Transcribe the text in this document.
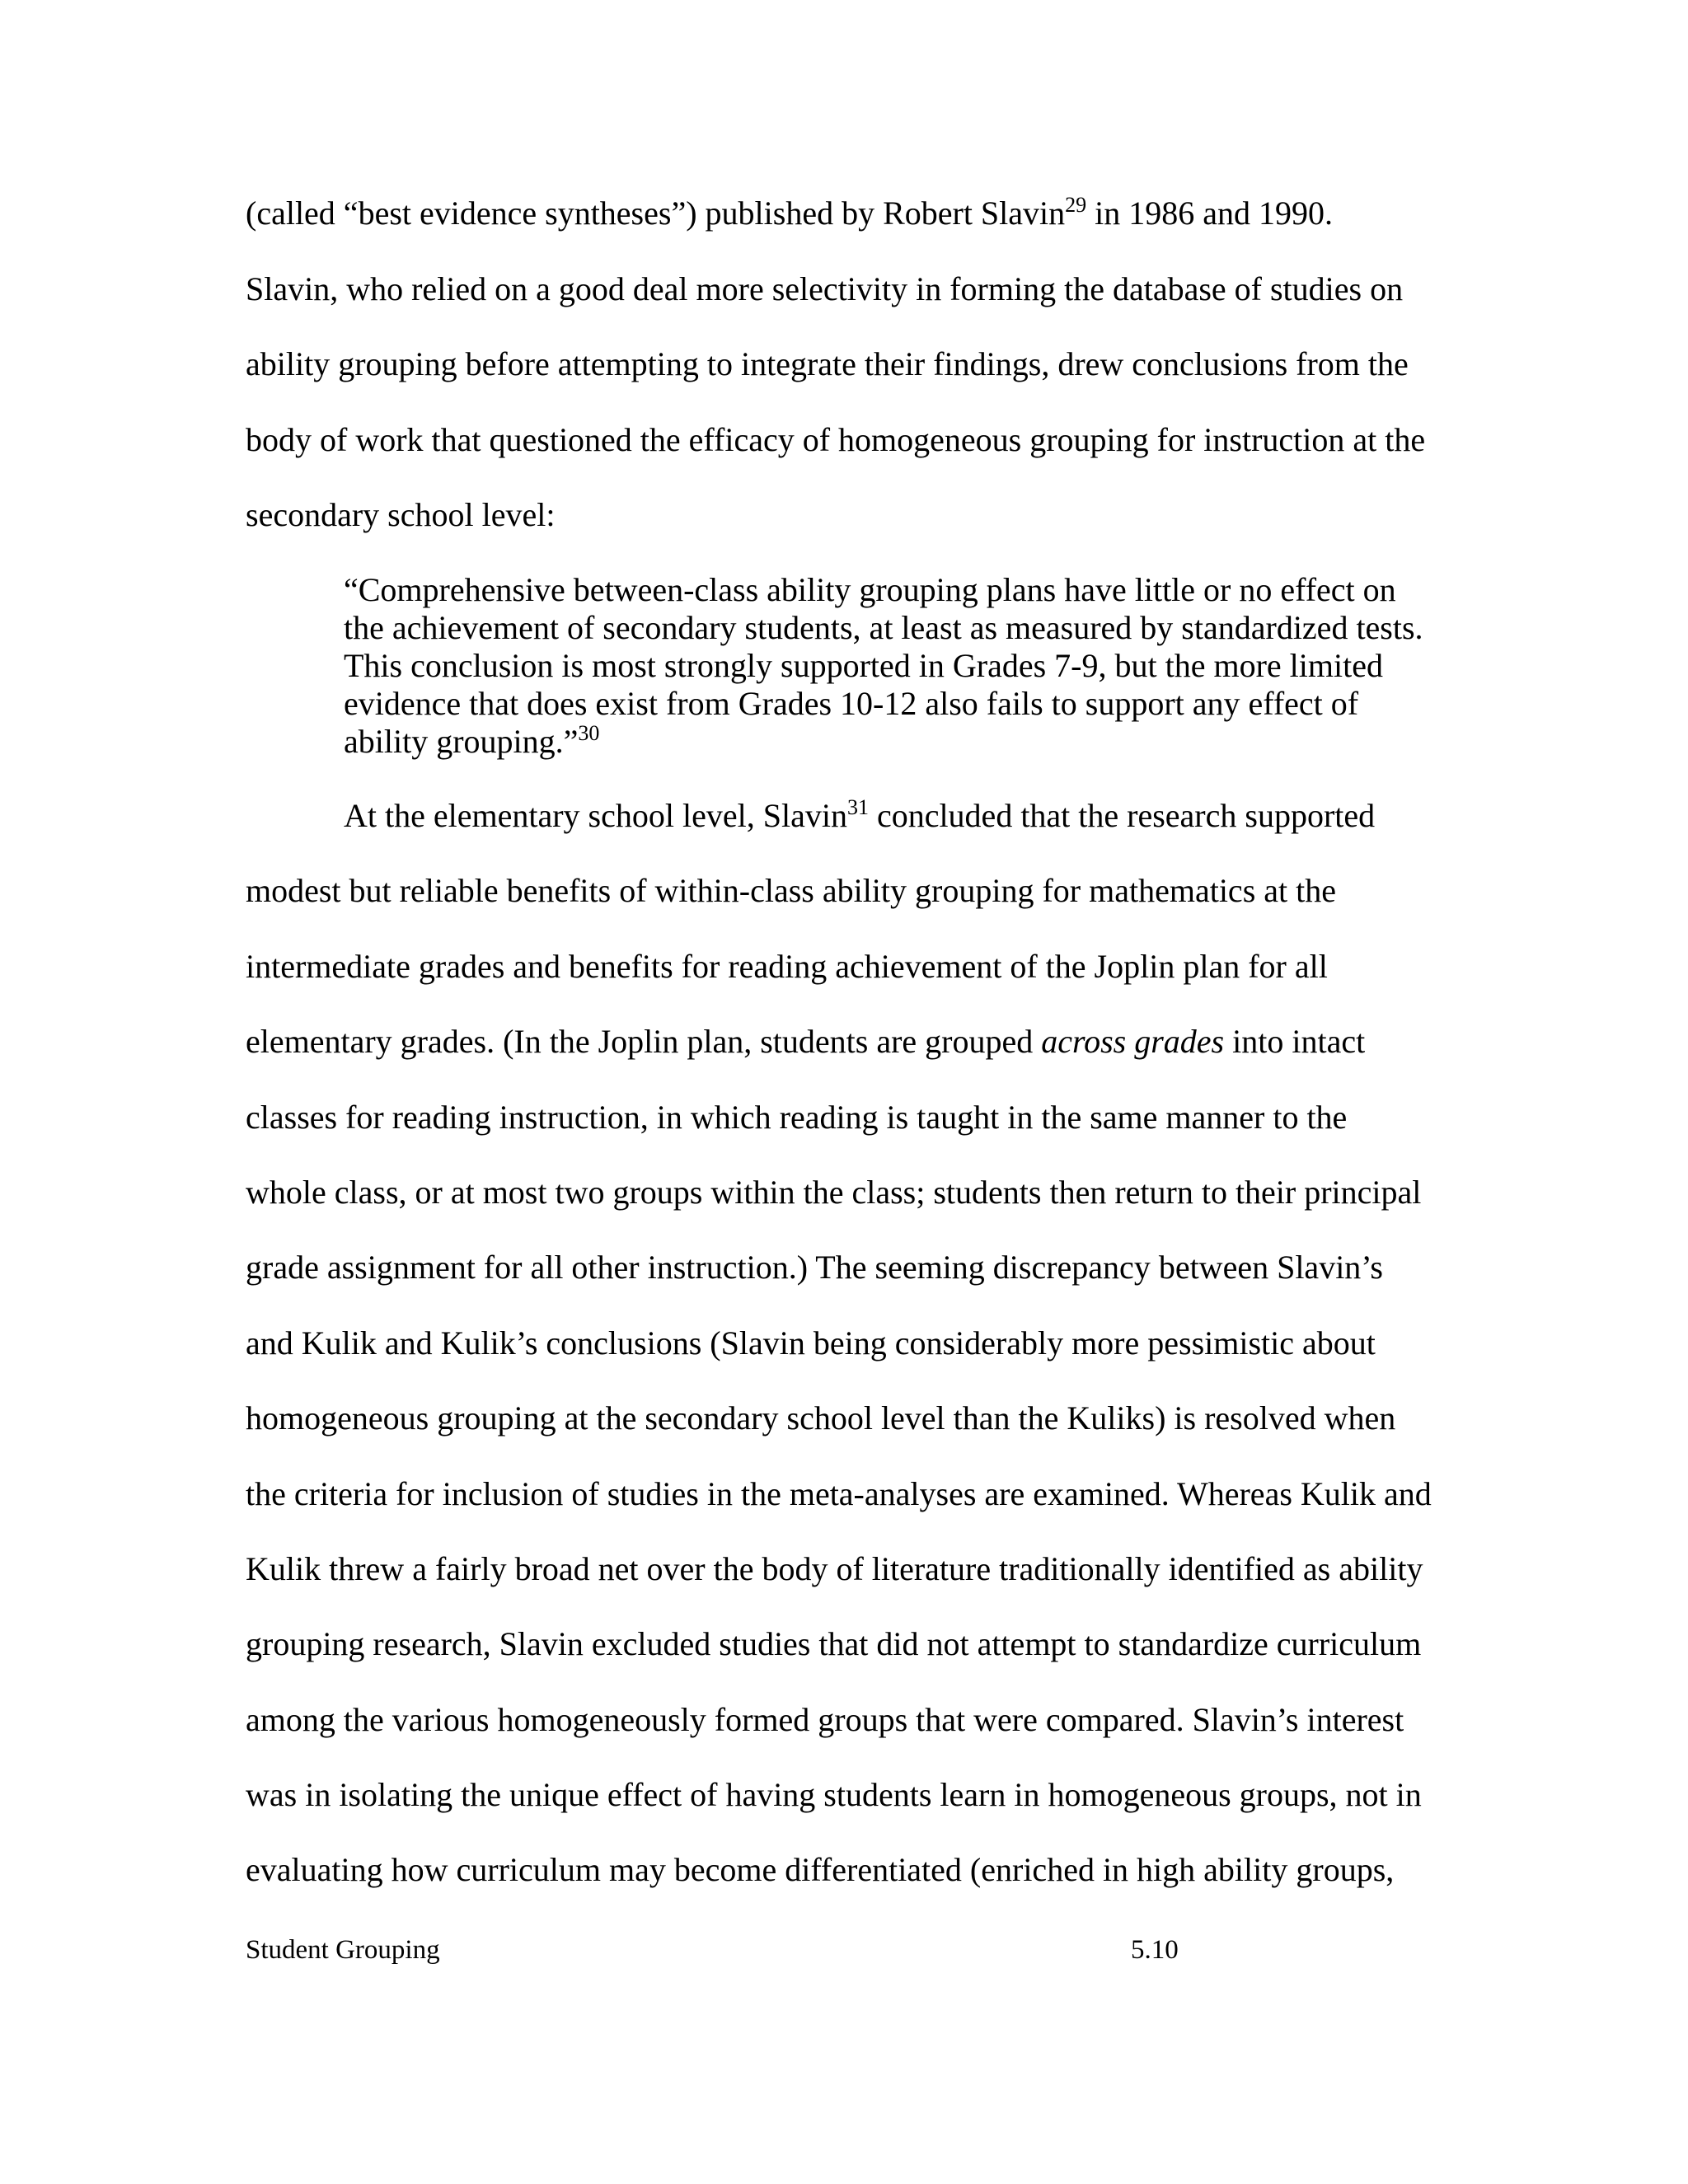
(called “best evidence syntheses”) published by Robert Slavin$^{29}$ in 1986 and 1990.
Slavin, who relied on a good deal more selectivity in forming the database of studies on
ability grouping before attempting to integrate their findings, drew conclusions from the
body of work that questioned the efficacy of homogeneous grouping for instruction at the
secondary school level:
“Comprehensive between-class ability grouping plans have little or no effect on
the achievement of secondary students, at least as measured by standardized tests.
This conclusion is most strongly supported in Grades 7-9, but the more limited
evidence that does exist from Grades 10-12 also fails to support any effect of
ability grouping.”$^{30}$
At the elementary school level, Slavin$^{31}$ concluded that the research supported
modest but reliable benefits of within-class ability grouping for mathematics at the
intermediate grades and benefits for reading achievement of the Joplin plan for all
elementary grades. (In the Joplin plan, students are grouped across grades into intact
classes for reading instruction, in which reading is taught in the same manner to the
whole class, or at most two groups within the class; students then return to their principal
grade assignment for all other instruction.) The seeming discrepancy between Slavin’s
and Kulik and Kulik’s conclusions (Slavin being considerably more pessimistic about
homogeneous grouping at the secondary school level than the Kuliks) is resolved when
the criteria for inclusion of studies in the meta-analyses are examined. Whereas Kulik and
Kulik threw a fairly broad net over the body of literature traditionally identified as ability
grouping research, Slavin excluded studies that did not attempt to standardize curriculum
among the various homogeneously formed groups that were compared. Slavin’s interest
was in isolating the unique effect of having students learn in homogeneous groups, not in
evaluating how curriculum may become differentiated (enriched in high ability groups,
Student Grouping	5.10
